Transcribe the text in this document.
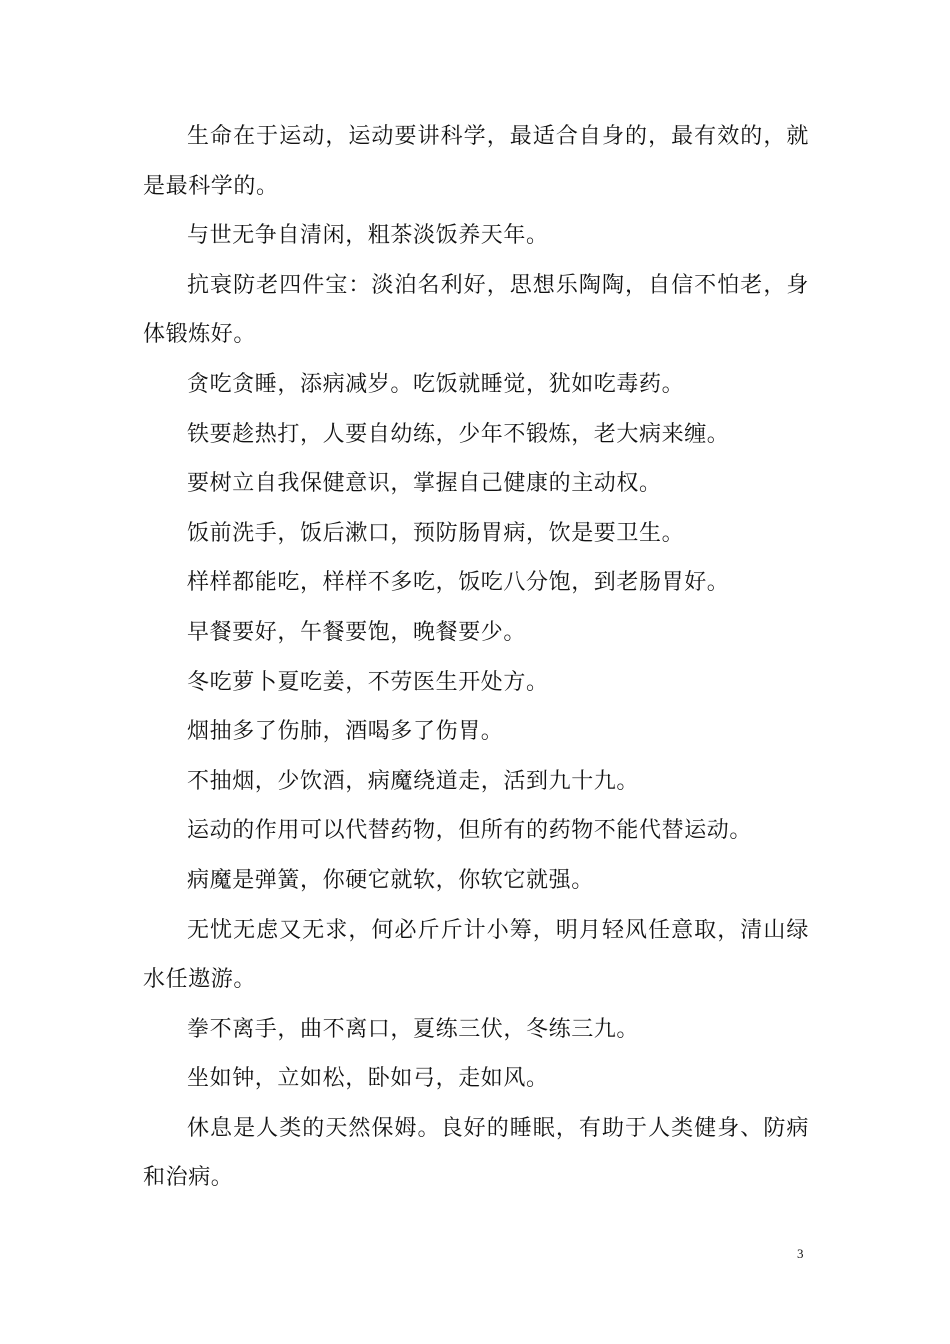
生命在于运动，运动要讲科学，最适合自身的，最有效的，就是最科学的。

与世无争自清闲，粗茶淡饭养天年。

抗衰防老四件宝：淡泊名利好，思想乐陶陶，自信不怕老，身体锻炼好。

贪吃贪睡，添病减岁。吃饭就睡觉，犹如吃毒药。

铁要趁热打，人要自幼练，少年不锻炼，老大病来缠。

要树立自我保健意识，掌握自己健康的主动权。

饭前洗手，饭后漱口，预防肠胃病，饮是要卫生。

样样都能吃，样样不多吃，饭吃八分饱，到老肠胃好。

早餐要好，午餐要饱，晚餐要少。

冬吃萝卜夏吃姜，不劳医生开处方。

烟抽多了伤肺，酒喝多了伤胃。

不抽烟，少饮酒，病魔绕道走，活到九十九。

运动的作用可以代替药物，但所有的药物不能代替运动。

病魔是弹簧，你硬它就软，你软它就强。

无忧无虑又无求，何必斤斤计小筹，明月轻风任意取，清山绿水任遨游。

拳不离手，曲不离口，夏练三伏，冬练三九。

坐如钟，立如松，卧如弓，走如风。

休息是人类的天然保姆。良好的睡眠，有助于人类健身、防病和治病。

3
